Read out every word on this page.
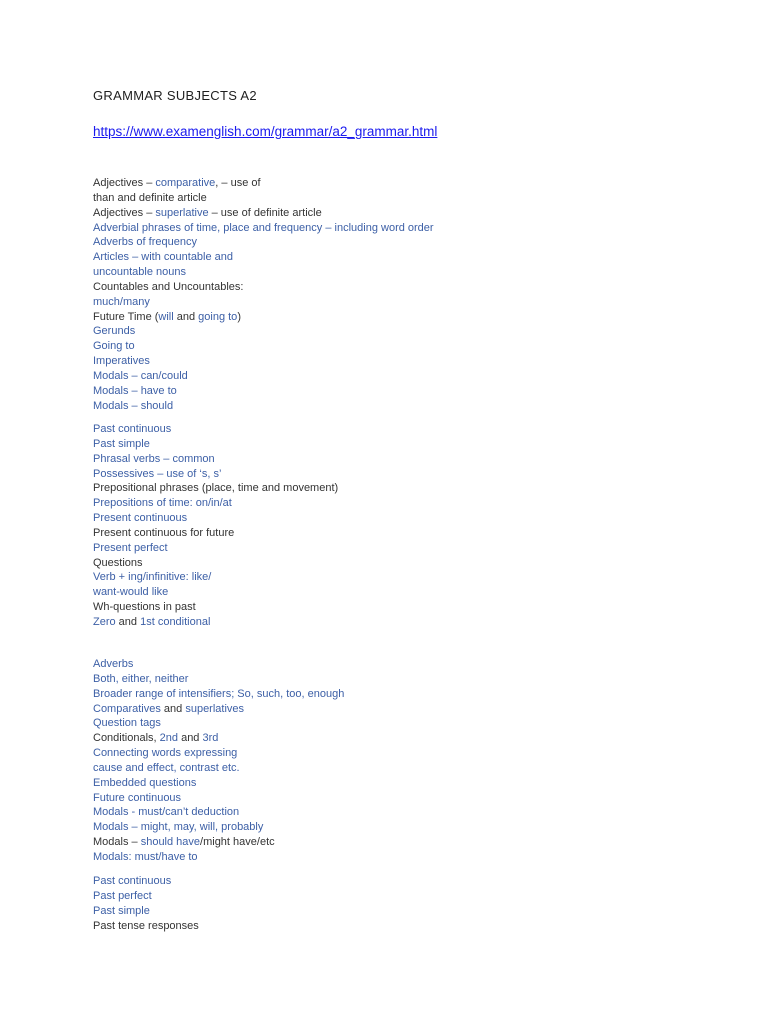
GRAMMAR SUBJECTS A2
https://www.examenglish.com/grammar/a2_grammar.html
Adjectives – comparative, – use of
than and definite article
Adjectives – superlative – use of definite article
Adverbial phrases of time, place and frequency – including word order
Adverbs of frequency
Articles – with countable and
uncountable nouns
Countables and Uncountables:
much/many
Future Time (will and going to)
Gerunds
Going to
Imperatives
Modals – can/could
Modals – have to
Modals – should
Past continuous
Past simple
Phrasal verbs – common
Possessives – use of ‘s, s’
Prepositional phrases (place, time and movement)
Prepositions of time: on/in/at
Present continuous
Present continuous for future
Present perfect
Questions
Verb + ing/infinitive: like/
want-would like
Wh-questions in past
Zero and 1st conditional
Adverbs
Both, either, neither
Broader range of intensifiers; So, such, too, enough
Comparatives and superlatives
Question tags
Conditionals, 2nd and 3rd
Connecting words expressing
cause and effect, contrast etc.
Embedded questions
Future continuous
Modals - must/can’t deduction
Modals – might, may, will, probably
Modals – should have/might have/etc
Modals: must/have to
Past continuous
Past perfect
Past simple
Past tense responses
